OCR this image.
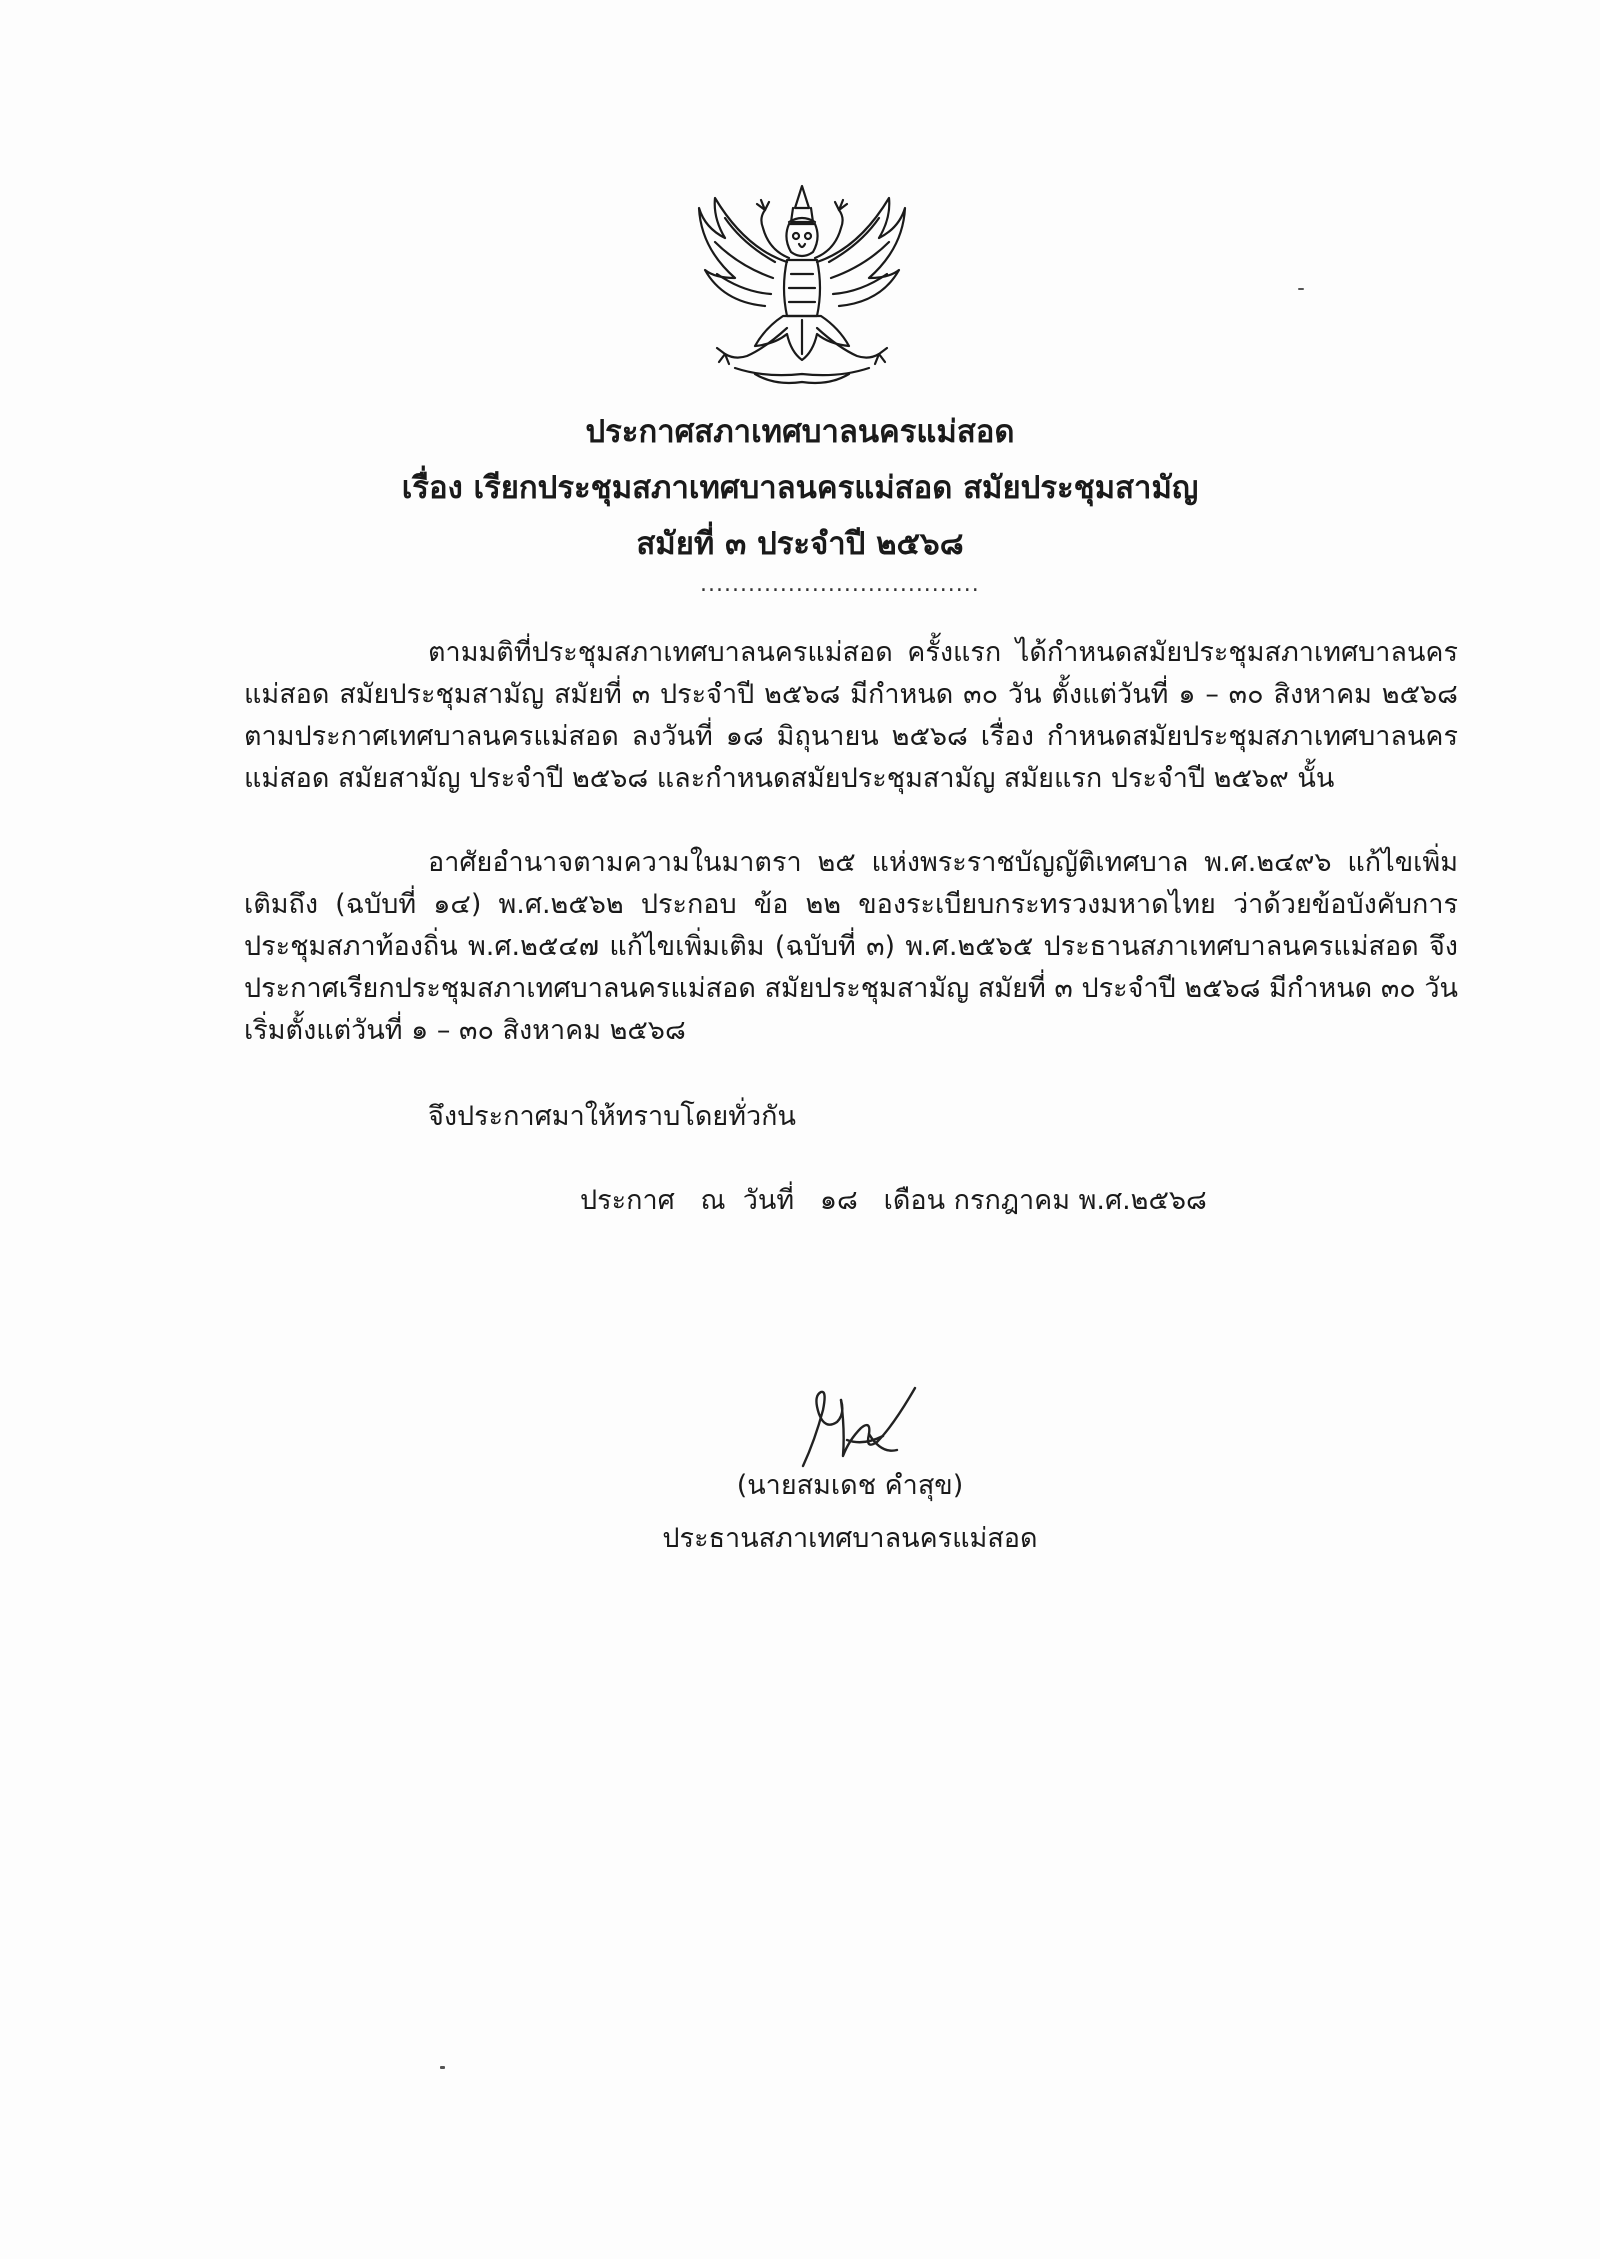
ประกาศสภาเทศบาลนครแม่สอด
เรื่อง เรียกประชุมสภาเทศบาลนครแม่สอด สมัยประชุมสามัญ
สมัยที่ ๓ ประจำปี ๒๕๖๘
...................................

ตามมติที่ประชุมสภาเทศบาลนครแม่สอด ครั้งแรก ได้กำหนดสมัยประชุมสภาเทศบาลนครแม่สอด สมัยประชุมสามัญ สมัยที่ ๓ ประจำปี ๒๕๖๘ มีกำหนด ๓๐ วัน ตั้งแต่วันที่ ๑ – ๓๐ สิงหาคม ๒๕๖๘ ตามประกาศเทศบาลนครแม่สอด ลงวันที่ ๑๘ มิถุนายน ๒๕๖๘ เรื่อง กำหนดสมัยประชุมสภาเทศบาลนครแม่สอด สมัยสามัญ ประจำปี ๒๕๖๘ และกำหนดสมัยประชุมสามัญ สมัยแรก ประจำปี ๒๕๖๙ นั้น

อาศัยอำนาจตามความในมาตรา ๒๕ แห่งพระราชบัญญัติเทศบาล พ.ศ.๒๔๙๖ แก้ไขเพิ่มเติมถึง (ฉบับที่ ๑๔) พ.ศ.๒๕๖๒ ประกอบ ข้อ ๒๒ ของระเบียบกระทรวงมหาดไทย ว่าด้วยข้อบังคับการประชุมสภาท้องถิ่น พ.ศ.๒๕๔๗ แก้ไขเพิ่มเติม (ฉบับที่ ๓) พ.ศ.๒๕๖๕ ประธานสภาเทศบาลนครแม่สอด จึงประกาศเรียกประชุมสภาเทศบาลนครแม่สอด สมัยประชุมสามัญ สมัยที่ ๓ ประจำปี ๒๕๖๘ มีกำหนด ๓๐ วัน เริ่มตั้งแต่วันที่ ๑ – ๓๐ สิงหาคม ๒๕๖๘

จึงประกาศมาให้ทราบโดยทั่วกัน

ประกาศ   ณ  วันที่   ๑๘   เดือน กรกฎาคม พ.ศ.๒๕๖๘
(นายสมเดช คำสุข)
ประธานสภาเทศบาลนครแม่สอด
